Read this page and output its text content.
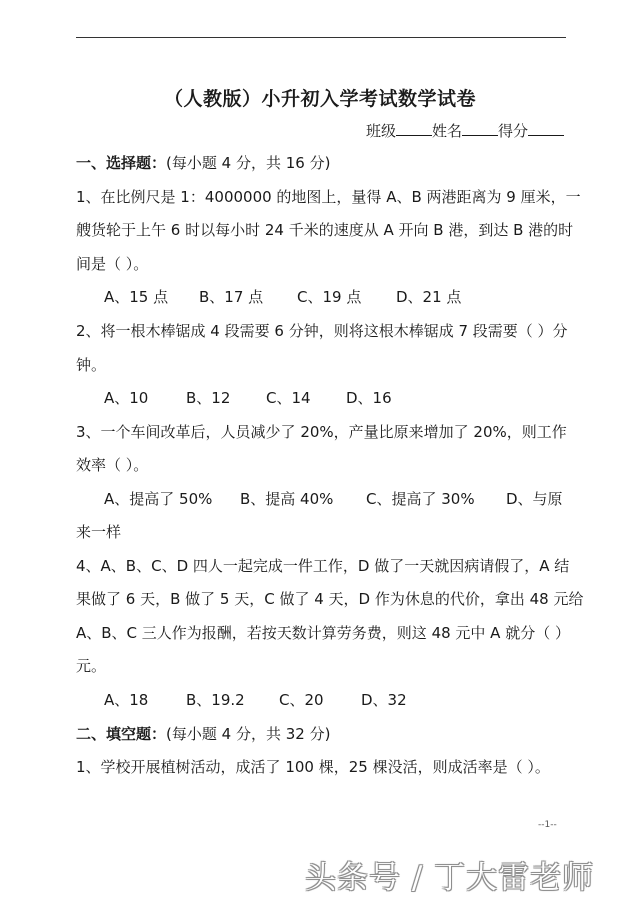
（人教版）小升初入学考试数学试卷
班级 姓名 得分
一、选择题：(每小题 4 分，共 16 分)
1、在比例尺是 1：4000000 的地图上，量得 A、B 两港距离为 9 厘米，一
艘货轮于上午 6 时以每小时 24 千米的速度从 A 开向 B 港，到达 B 港的时
间是（ ）。
A、15 点 B、17 点 C、19 点 D、21 点
2、将一根木棒锯成 4 段需要 6 分钟，则将这根木棒锯成 7 段需要（ ）分
钟。
A、10	B、12 C、14 D、16
3、一个车间改革后，人员减少了 20%，产量比原来增加了 20%，则工作
效率（ ）。
A、提高了 50% B、提高 40% C、提高了 30% D、与原
来一样
4、A、B、C、D 四人一起完成一件工作，D 做了一天就因病请假了，A 结
果做了 6 天，B 做了 5 天，C 做了 4 天，D 作为休息的代价，拿出 48 元给
A、B、C 三人作为报酬，若按天数计算劳务费，则这 48 元中 A 就分（ ）
元。
A、18	B、19.2 C、20 D、32
二、填空题：(每小题 4 分，共 32 分)
1、学校开展植树活动，成活了 100 棵，25 棵没活，则成活率是（ ）。
--1--
头条号 / 丁大雷老师
